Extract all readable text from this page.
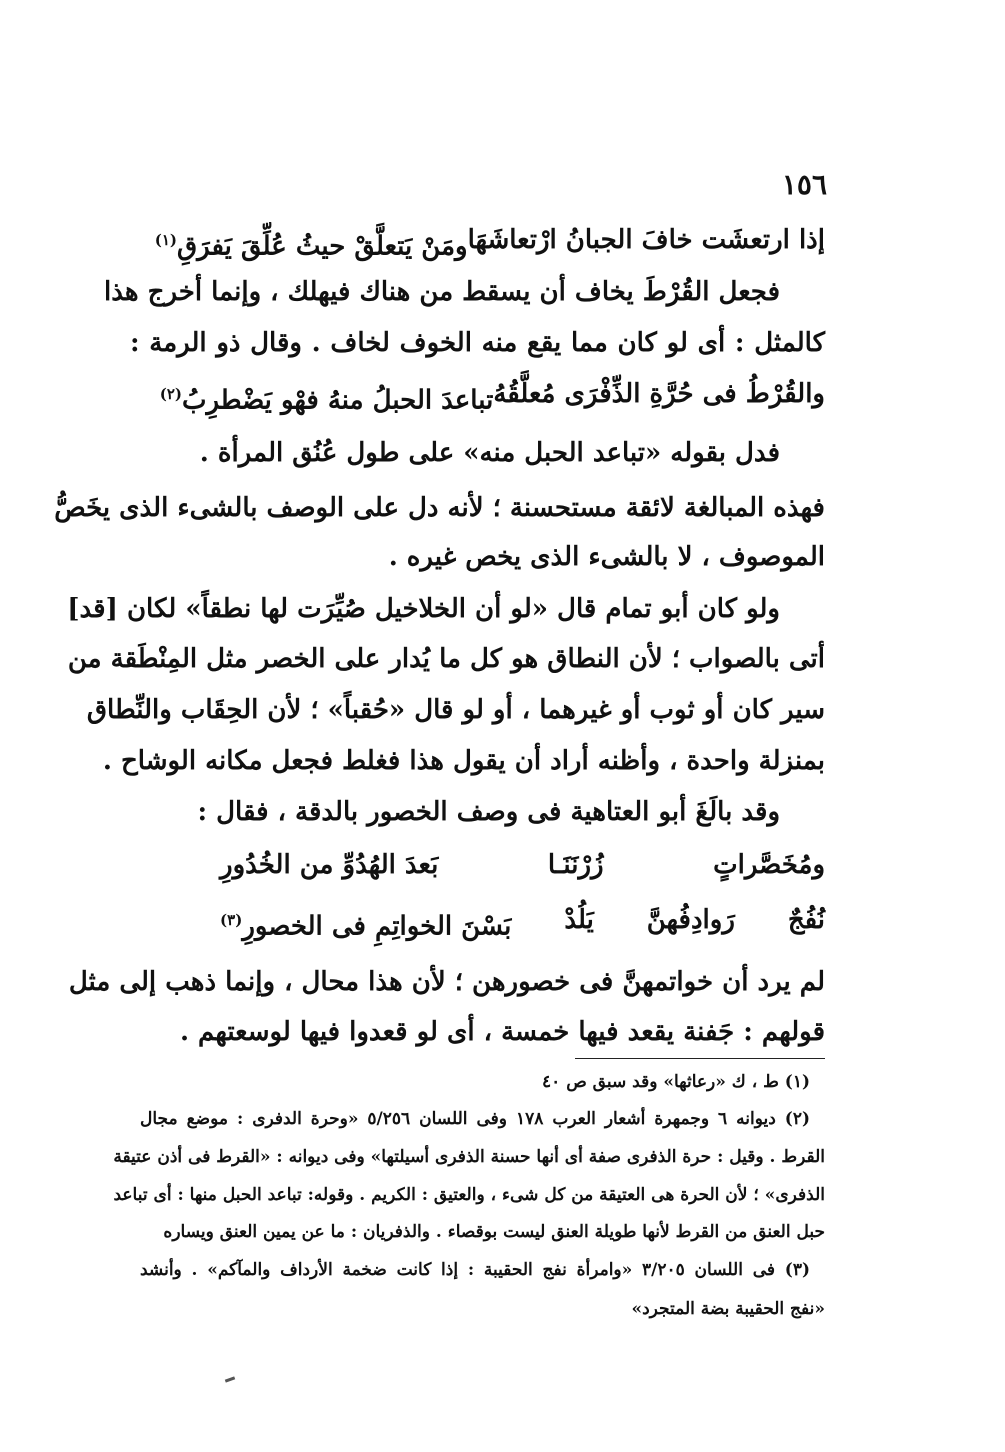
١٥٦
إذا ارتعشَت خافَ الجبانُ ارْتعاشَهَا
ومَنْ يَتعلَّقْ حيثُ عُلِّقَ يَفرَقِ$^{(١)}$
فجعل القُرْطَ يخاف أن يسقط من هناك فيهلك ، وإنما أخرج هذا
كالمثل : أى لو كان مما يقع منه الخوف لخاف . وقال ذو الرمة :
والقُرْطُ فى حُرَّةِ الذِّفْرَى مُعلَّقُهُ
تباعدَ الحبلُ منهُ فهْو يَضْطرِبُ$^{(٢)}$
فدل بقوله «تباعد الحبل منه» على طول عُنُق المرأة .
فهذه المبالغة لائقة مستحسنة ؛ لأنه دل على الوصف بالشىء الذى يخَصُّ
الموصوف ، لا بالشىء الذى يخص غيره .
ولو كان أبو تمام قال «لو أن الخلاخيل صُيِّرَت لها نطقاً» لكان [قد]
أتى بالصواب ؛ لأن النطاق هو كل ما يُدار على الخصر مثل المِنْطَقة من
سير كان أو ثوب أو غيرهما ، أو لو قال «حُقباً» ؛ لأن الحِقَاب والنِّطاق
بمنزلة واحدة ، وأظنه أراد أن يقول هذا فغلط فجعل مكانه الوشاح .
وقد بالَغَ أبو العتاهية فى وصف الخصور بالدقة ، فقال :
ومُخَصَّراتٍ
زُرْنَنَـا
بَعدَ الهُدُوِّ من الخُدُورِ
نُفُجٌ
رَوادِفُهنَّ
يَلُدْ
بَسْنَ الخواتِمِ فى الخصورِ$^{(٣)}$
لم يرد أن خواتمهنَّ فى خصورهن ؛ لأن هذا محال ، وإنما ذهب إلى مثل
قولهم : جَفنة يقعد فيها خمسة ، أى لو قعدوا فيها لوسعتهم .
(١) ط ، ك «رعاثها» وقد سبق ص ٤٠
(٢) ديوانه ٦ وجمهرة أشعار العرب ١٧٨ وفى اللسان ٥/٢٥٦ «وحرة الدفرى : موضع مجال
القرط . وقيل : حرة الذفرى صفة أى أنها حسنة الذفرى أسيلتها» وفى ديوانه : «القرط فى أذن عتيقة
الذفرى» ؛ لأن الحرة هى العتيقة من كل شىء ، والعتيق : الكريم . وقوله: تباعد الحبل منها : أى تباعد
حبل العنق من القرط لأنها طويلة العنق ليست بوقصاء . والذفريان : ما عن يمين العنق ويساره
(٣) فى اللسان ٣/٢٠٥ «وامرأة نفج الحقيبة : إذا كانت ضخمة الأرداف والمآكم» . وأنشد
«نفج الحقيبة بضة المتجرد»
